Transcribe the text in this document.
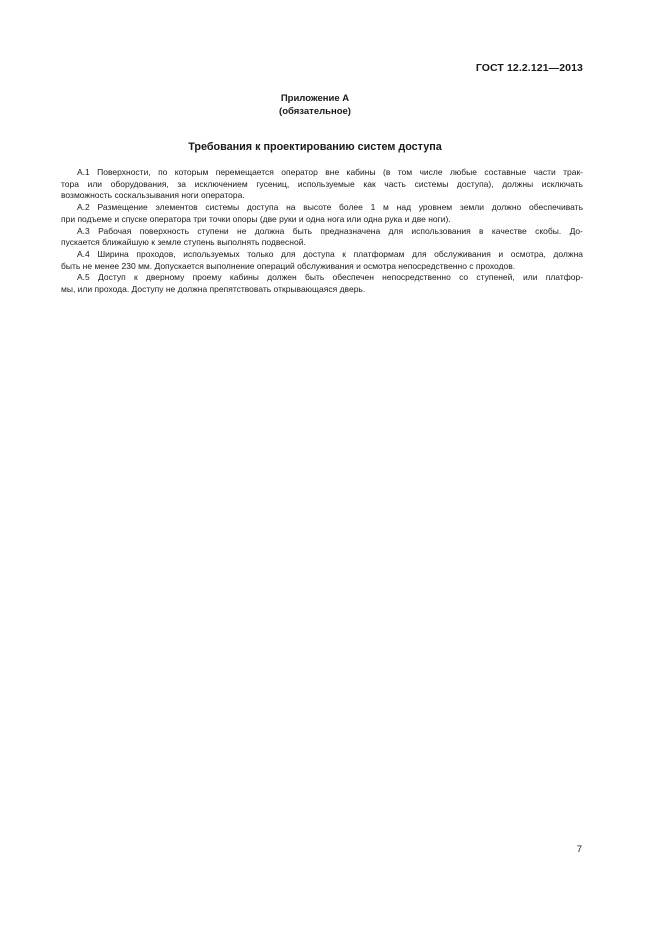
ГОСТ 12.2.121—2013
Приложение А
(обязательное)
Требования к проектированию систем доступа
А.1 Поверхности, по которым перемещается оператор вне кабины (в том числе любые составные части трак-
тора или оборудования, за исключением гусениц, используемые как часть системы доступа), должны исключать
возможность соскальзывания ноги оператора.
А.2 Размещение элементов системы доступа на высоте более 1 м над уровнем земли должно обеспечивать
при подъеме и спуске оператора три точки опоры (две руки и одна нога или одна рука и две ноги).
А.3 Рабочая поверхность ступени не должна быть предназначена для использования в качестве скобы. До-
пускается ближайшую к земле ступень выполнять подвесной.
А.4 Ширина проходов, используемых только для доступа к платформам для обслуживания и осмотра, должна
быть не менее 230 мм. Допускается выполнение операций обслуживания и осмотра непосредственно с проходов.
А.5 Доступ к дверному проему кабины должен быть обеспечен непосредственно со ступеней, или платфор-
мы, или прохода. Доступу не должна препятствовать открывающаяся дверь.
7
